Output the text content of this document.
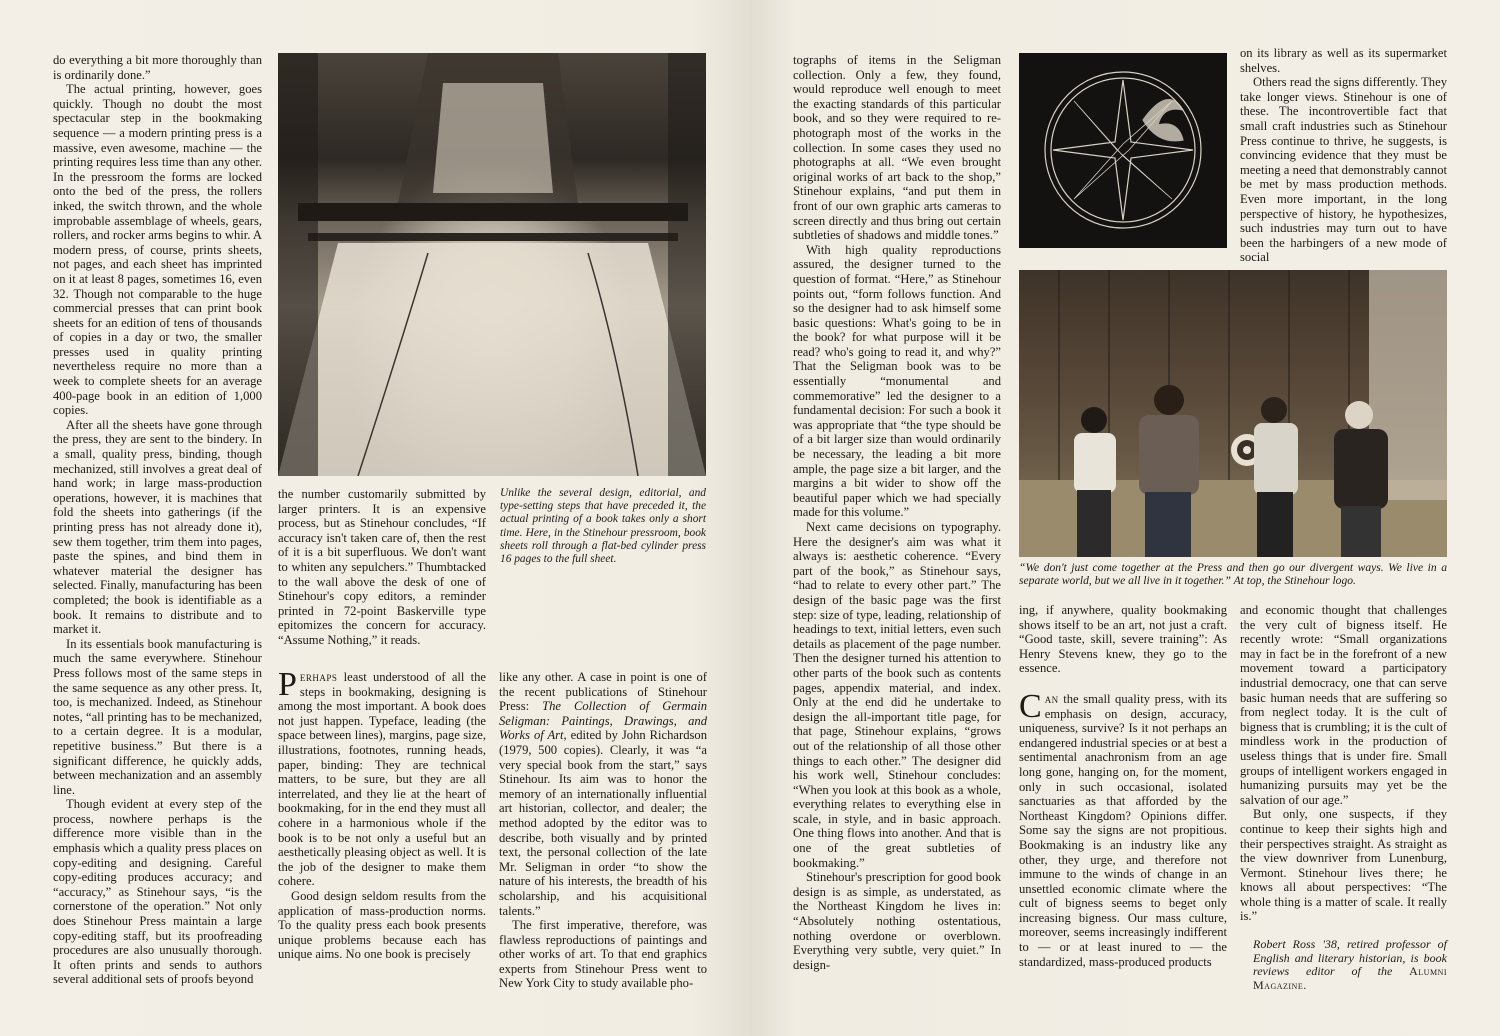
do everything a bit more thoroughly than is ordinarily done.”

The actual printing, however, goes quickly. Though no doubt the most spectacular step in the bookmaking sequence — a modern printing press is a massive, even awesome, machine — the printing requires less time than any other. In the pressroom the forms are locked onto the bed of the press, the rollers inked, the switch thrown, and the whole improbable assemblage of wheels, gears, rollers, and rocker arms begins to whir. A modern press, of course, prints sheets, not pages, and each sheet has imprinted on it at least 8 pages, sometimes 16, even 32. Though not comparable to the huge commercial presses that can print book sheets for an edition of tens of thousands of copies in a day or two, the smaller presses used in quality printing nevertheless require no more than a week to complete sheets for an average 400-page book in an edition of 1,000 copies.

After all the sheets have gone through the press, they are sent to the bindery. In a small, quality press, binding, though mechanized, still involves a great deal of hand work; in large mass-production operations, however, it is machines that fold the sheets into gatherings (if the printing press has not already done it), sew them together, trim them into pages, paste the spines, and bind them in whatever material the designer has selected. Finally, manufacturing has been completed; the book is identifiable as a book. It remains to distribute and to market it.

In its essentials book manufacturing is much the same everywhere. Stinehour Press follows most of the same steps in the same sequence as any other press. It, too, is mechanized. Indeed, as Stinehour notes, “all printing has to be mechanized, to a certain degree. It is a modular, repetitive business.” But there is a significant difference, he quickly adds, between mechanization and an assembly line.

Though evident at every step of the process, nowhere perhaps is the difference more visible than in the emphasis which a quality press places on copy-editing and designing. Careful copy-editing produces accuracy; and “accuracy,” as Stinehour says, “is the cornerstone of the operation.” Not only does Stinehour Press maintain a large copy-editing staff, but its proofreading procedures are also unusually thorough. It often prints and sends to authors several additional sets of proofs beyond

the number customarily submitted by larger printers. It is an expensive process, but as Stinehour concludes, “If accuracy isn't taken care of, then the rest of it is a bit superfluous. We don't want to whiten any sepulchers.” Thumbtacked to the wall above the desk of one of Stinehour's copy editors, a reminder printed in 72-point Baskerville type epitomizes the concern for accuracy. “Assume Nothing,” it reads.

Unlike the several design, editorial, and type-setting steps that have preceded it, the actual printing of a book takes only a short time. Here, in the Stinehour pressroom, book sheets roll through a flat-bed cylinder press 16 pages to the full sheet.

Perhaps least understood of all the steps in bookmaking, designing is among the most important. A book does not just happen. Typeface, leading (the space between lines), margins, page size, illustrations, footnotes, running heads, paper, binding: They are technical matters, to be sure, but they are all interrelated, and they lie at the heart of bookmaking, for in the end they must all cohere in a harmonious whole if the book is to be not only a useful but an aesthetically pleasing object as well. It is the job of the designer to make them cohere.

Good design seldom results from the application of mass-production norms. To the quality press each book presents unique problems because each has unique aims. No one book is precisely

like any other. A case in point is one of the recent publications of Stinehour Press: The Collection of Germain Seligman: Paintings, Drawings, and Works of Art, edited by John Richardson (1979, 500 copies). Clearly, it was “a very special book from the start,” says Stinehour. Its aim was to honor the memory of an internationally influential art historian, collector, and dealer; the method adopted by the editor was to describe, both visually and by printed text, the personal collection of the late Mr. Seligman in order “to show the nature of his interests, the breadth of his scholarship, and his acquisitional talents.”

The first imperative, therefore, was flawless reproductions of paintings and other works of art. To that end graphics experts from Stinehour Press went to New York City to study available pho-

tographs of items in the Seligman collection. Only a few, they found, would reproduce well enough to meet the exacting standards of this particular book, and so they were required to re-photograph most of the works in the collection. In some cases they used no photographs at all. “We even brought original works of art back to the shop,” Stinehour explains, “and put them in front of our own graphic arts cameras to screen directly and thus bring out certain subtleties of shadows and middle tones.”

With high quality reproductions assured, the designer turned to the question of format. “Here,” as Stinehour points out, “form follows function. And so the designer had to ask himself some basic questions: What's going to be in the book? for what purpose will it be read? who's going to read it, and why?” That the Seligman book was to be essentially “monumental and commemorative” led the designer to a fundamental decision: For such a book it was appropriate that “the type should be of a bit larger size than would ordinarily be necessary, the leading a bit more ample, the page size a bit larger, and the margins a bit wider to show off the beautiful paper which we had specially made for this volume.”

Next came decisions on typography. Here the designer's aim was what it always is: aesthetic coherence. “Every part of the book,” as Stinehour says, “had to relate to every other part.” The design of the basic page was the first step: size of type, leading, relationship of headings to text, initial letters, even such details as placement of the page number. Then the designer turned his attention to other parts of the book such as contents pages, appendix material, and index. Only at the end did he undertake to design the all-important title page, for that page, Stinehour explains, “grows out of the relationship of all those other things to each other.” The designer did his work well, Stinehour concludes: “When you look at this book as a whole, everything relates to everything else in scale, in style, and in basic approach. One thing flows into another. And that is one of the great subtleties of bookmaking.”

Stinehour's prescription for good book design is as simple, as understated, as the Northeast Kingdom he lives in: “Absolutely nothing ostentatious, nothing overdone or overblown. Everything very subtle, very quiet.” In design-

on its library as well as its supermarket shelves.

Others read the signs differently. They take longer views. Stinehour is one of these. The incontrovertible fact that small craft industries such as Stinehour Press continue to thrive, he suggests, is convincing evidence that they must be meeting a need that demonstrably cannot be met by mass production methods. Even more important, in the long perspective of history, he hypothesizes, such industries may turn out to have been the harbingers of a new mode of social

“We don't just come together at the Press and then go our divergent ways. We live in a separate world, but we all live in it together.” At top, the Stinehour logo.

ing, if anywhere, quality bookmaking shows itself to be an art, not just a craft. “Good taste, skill, severe training”: As Henry Stevens knew, they go to the essence.

Can the small quality press, with its emphasis on design, accuracy, uniqueness, survive? Is it not perhaps an endangered industrial species or at best a sentimental anachronism from an age long gone, hanging on, for the moment, only in such occasional, isolated sanctuaries as that afforded by the Northeast Kingdom? Opinions differ. Some say the signs are not propitious. Bookmaking is an industry like any other, they urge, and therefore not immune to the winds of change in an unsettled economic climate where the cult of bigness seems to beget only increasing bigness. Our mass culture, moreover, seems increasingly indifferent to — or at least inured to — the standardized, mass-produced products

and economic thought that challenges the very cult of bigness itself. He recently wrote: “Small organizations may in fact be in the forefront of a new movement toward a participatory industrial democracy, one that can serve basic human needs that are suffering so from neglect today. It is the cult of bigness that is crumbling; it is the cult of mindless work in the production of useless things that is under fire. Small groups of intelligent workers engaged in humanizing pursuits may yet be the salvation of our age.”

But only, one suspects, if they continue to keep their sights high and their perspectives straight. As straight as the view downriver from Lunenburg, Vermont. Stinehour lives there; he knows all about perspectives: “The whole thing is a matter of scale. It really is.”

Robert Ross '38, retired professor of English and literary historian, is book reviews editor of the Alumni Magazine.
